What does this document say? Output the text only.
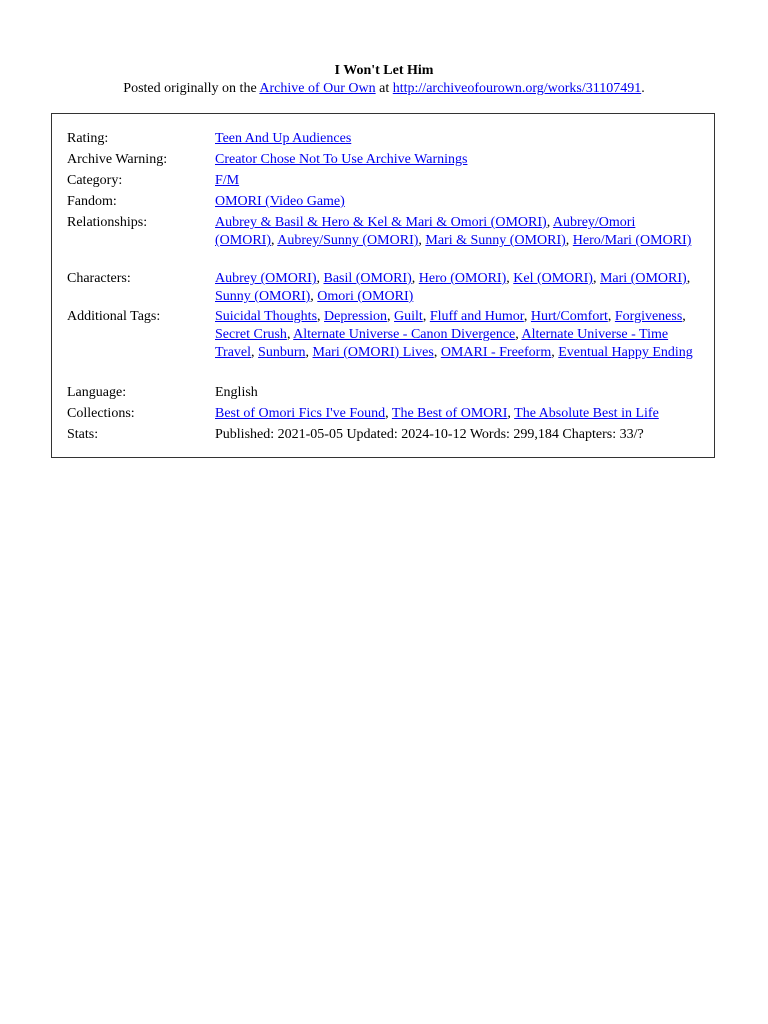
I Won't Let Him
Posted originally on the Archive of Our Own at http://archiveofourown.org/works/31107491.
Rating:	Teen And Up Audiences
Archive Warning:	Creator Chose Not To Use Archive Warnings
Category:	F/M
Fandom:	OMORI (Video Game)
Relationships:	Aubrey & Basil & Hero & Kel & Mari & Omori (OMORI), Aubrey/Omori (OMORI), Aubrey/Sunny (OMORI), Mari & Sunny (OMORI), Hero/Mari (OMORI)
Characters:	Aubrey (OMORI), Basil (OMORI), Hero (OMORI), Kel (OMORI), Mari (OMORI), Sunny (OMORI), Omori (OMORI)
Additional Tags:	Suicidal Thoughts, Depression, Guilt, Fluff and Humor, Hurt/Comfort, Forgiveness, Secret Crush, Alternate Universe - Canon Divergence, Alternate Universe - Time Travel, Sunburn, Mari (OMORI) Lives, OMARI - Freeform, Eventual Happy Ending
Language:	English
Collections:	Best of Omori Fics I've Found, The Best of OMORI, The Absolute Best in Life
Stats:	Published: 2021-05-05 Updated: 2024-10-12 Words: 299,184 Chapters: 33/?
